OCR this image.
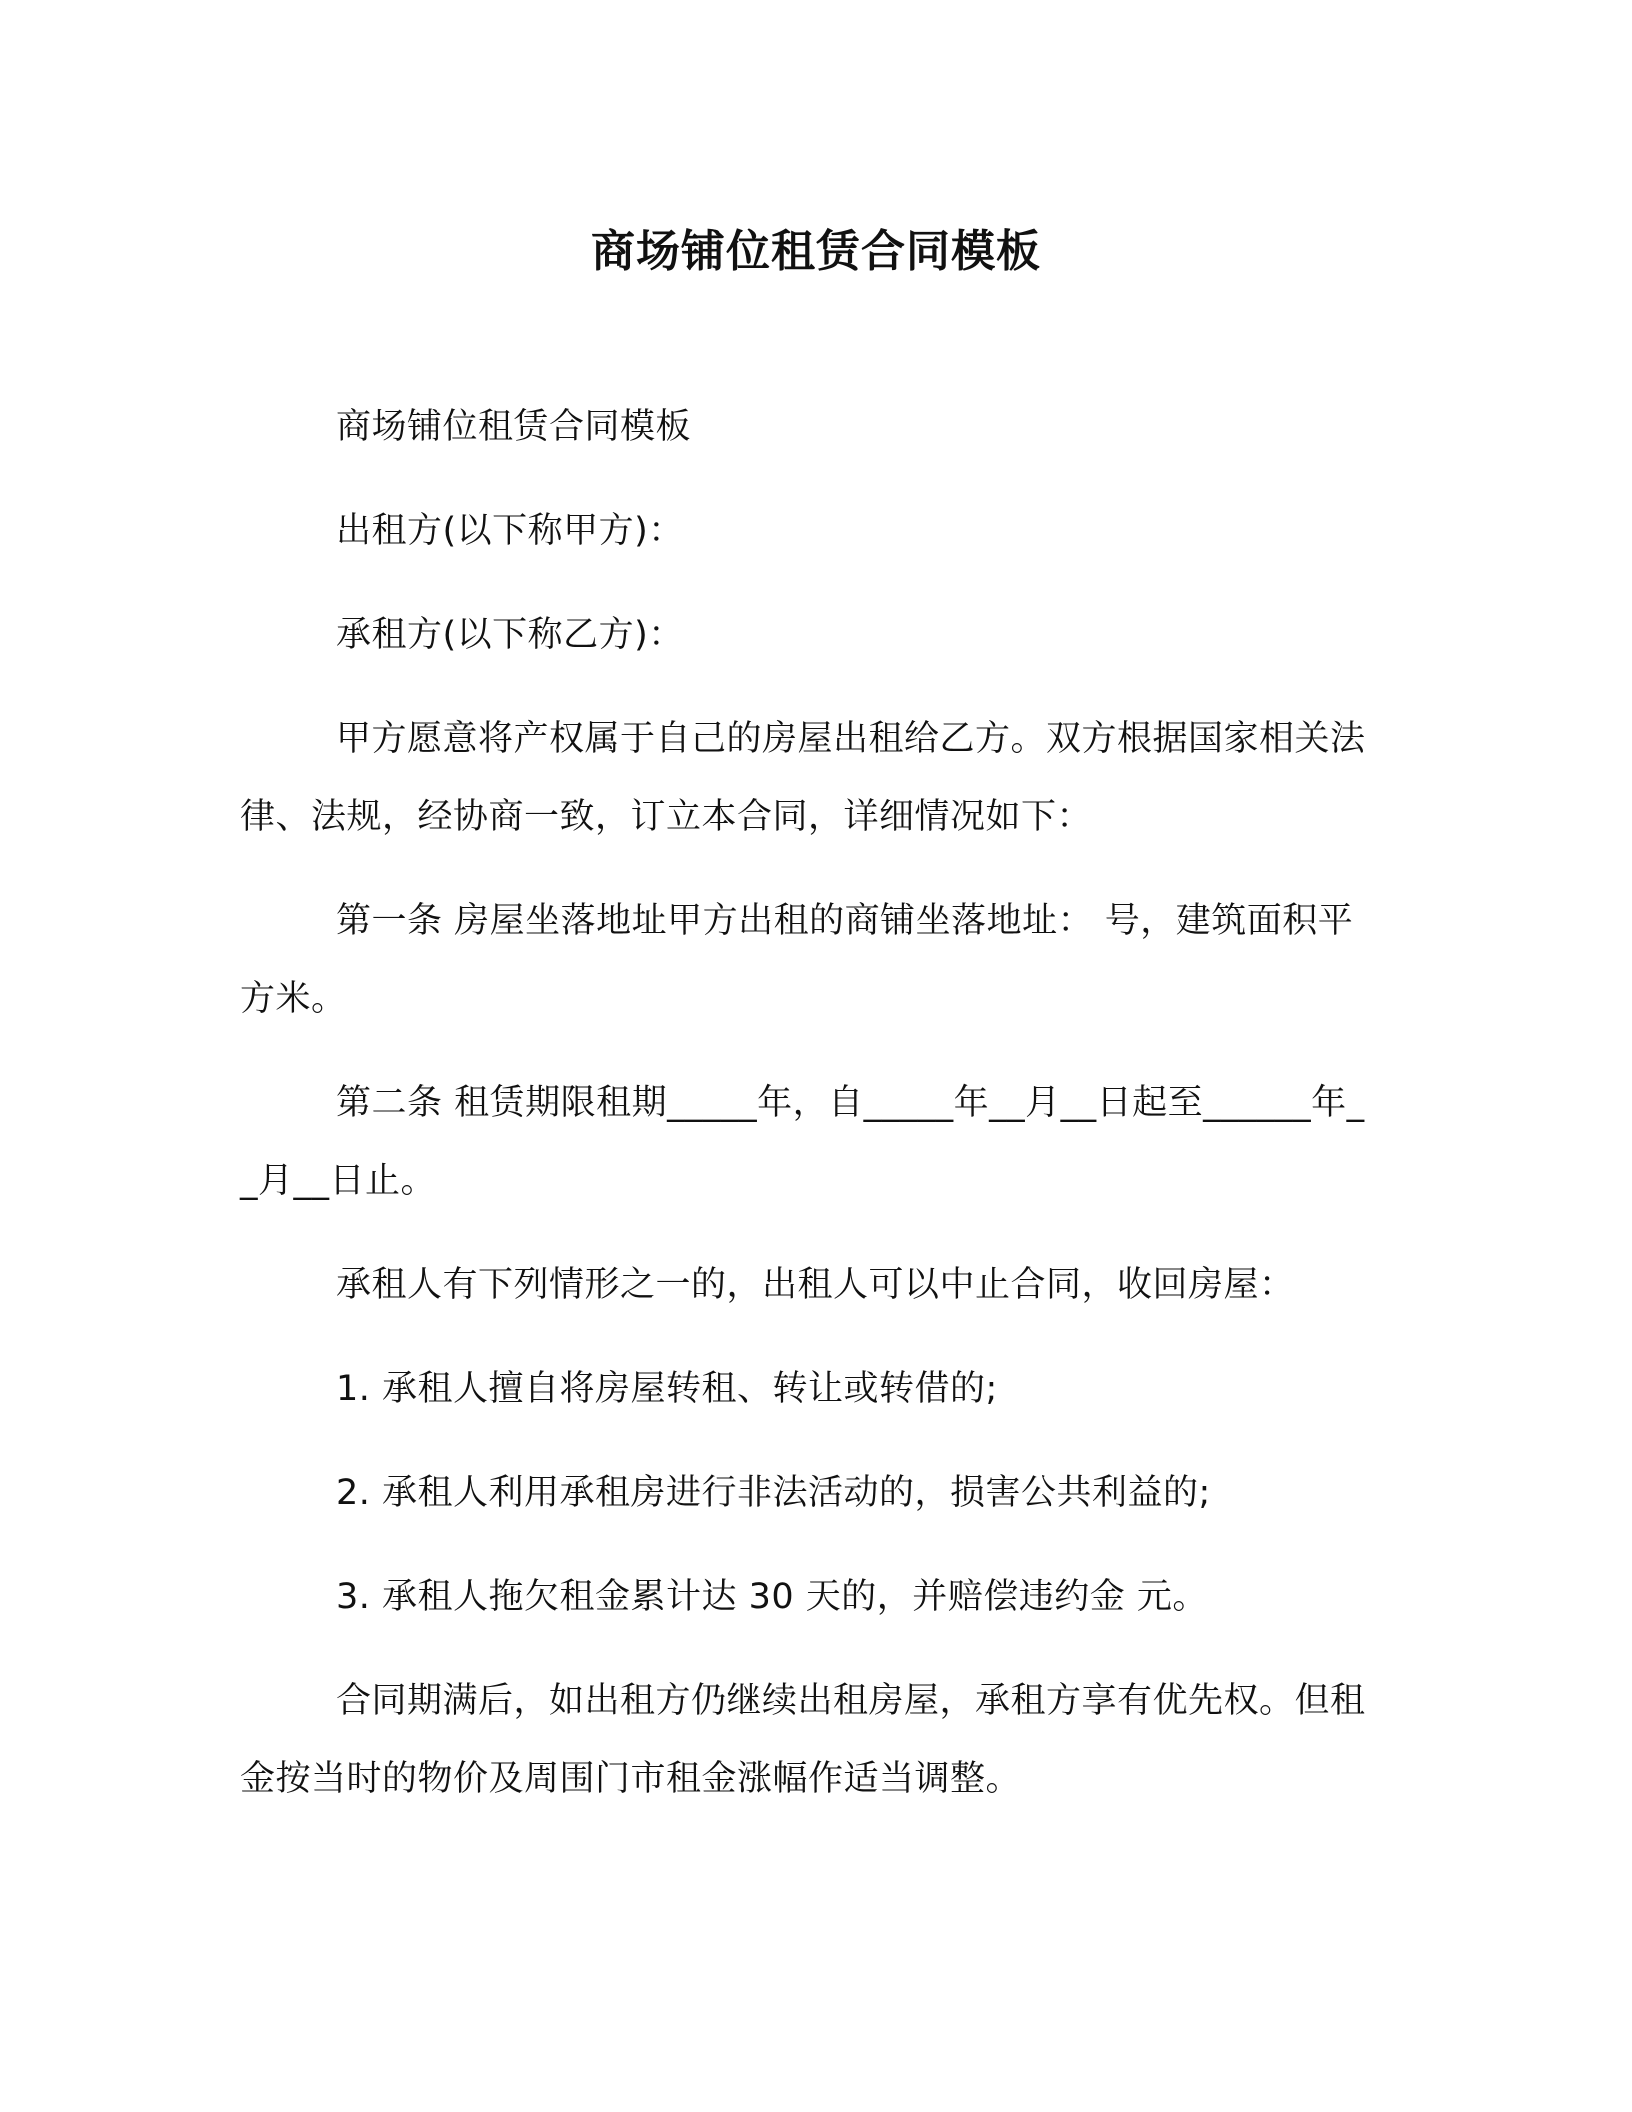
商场铺位租赁合同模板

商场铺位租赁合同模板

出租方(以下称甲方)：

承租方(以下称乙方)：

甲方愿意将产权属于自己的房屋出租给乙方。双方根据国家相关法律、法规，经协商一致，订立本合同，详细情况如下：

第一条 房屋坐落地址甲方出租的商铺坐落地址： 号，建筑面积平方米。

第二条 租赁期限租期_____年，自_____年__月__日起至______年__月__日止。

承租人有下列情形之一的，出租人可以中止合同，收回房屋：

1. 承租人擅自将房屋转租、转让或转借的;

2. 承租人利用承租房进行非法活动的，损害公共利益的;

3. 承租人拖欠租金累计达 30 天的，并赔偿违约金 元。

合同期满后，如出租方仍继续出租房屋，承租方享有优先权。但租金按当时的物价及周围门市租金涨幅作适当调整。
